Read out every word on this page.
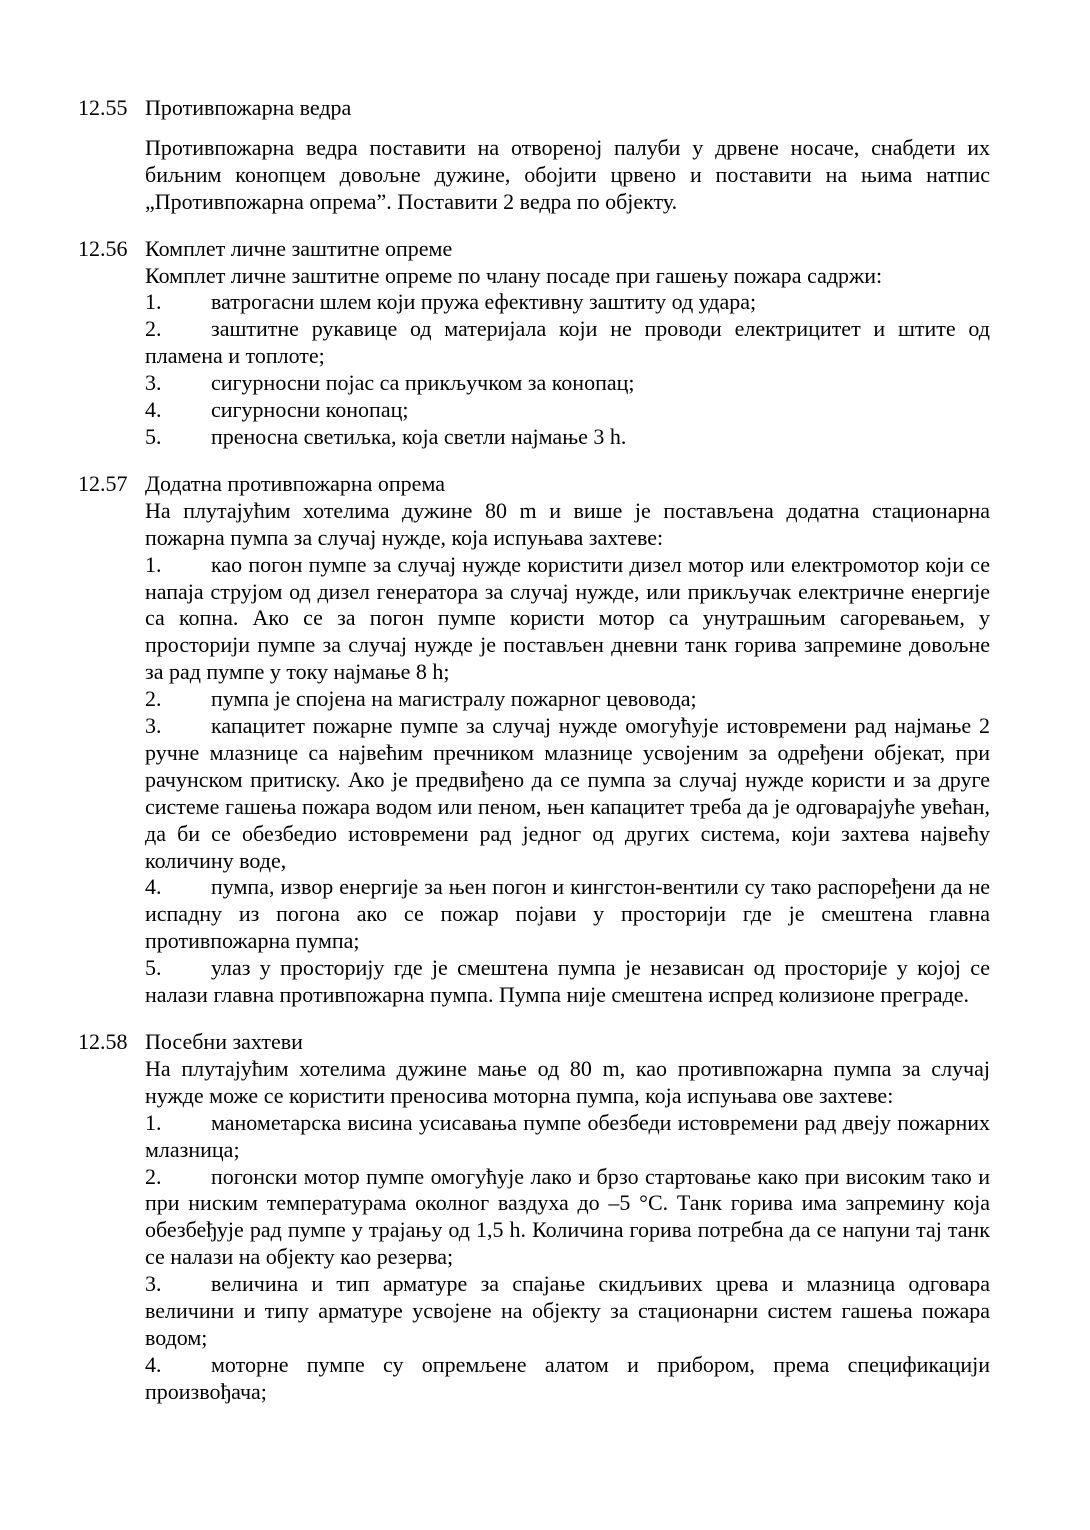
12.55 Противпожарна ведра

Противпожарна ведра поставити на отвореној палуби у дрвене носаче, снабдети их биљним конопцем довољне дужине, обојити црвено и поставити на њима натпис „Противпожарна опрема”. Поставити 2 ведра по објекту.

12.56 Комплет личне заштитне опреме

Комплет личне заштитне опреме по члану посаде при гашењу пожара садржи:

1. ватрогасни шлем који пружа ефективну заштиту од удара;

2. заштитне рукавице од материјала који не проводи електрицитет и штите од пламена и топлоте;

3. сигурносни појас са прикључком за конопац;

4. сигурносни конопац;

5. преносна светиљка, која светли најмање 3 h.

12.57 Додатна противпожарна опрема

На плутајућим хотелима дужине 80 m и више је постављена додатна стационарна пожарна пумпа за случај нужде, која испуњава захтеве:

1. као погон пумпе за случај нужде користити дизел мотор или електромотор који се напаја струјом од дизел генератора за случај нужде, или прикључак електричне енергије са копна. Ако се за погон пумпе користи мотор са унутрашњим сагоревањем, у просторији пумпе за случај нужде је постављен дневни танк горива запремине довољне за рад пумпе у току најмање 8 h;

2. пумпа је спојена на магистралу пожарног цевовода;

3. капацитет пожарне пумпе за случај нужде омогућује истовремени рад најмање 2 ручне млазнице са највећим пречником млазнице усвојеним за одређени објекат, при рачунском притиску. Ако је предвиђено да се пумпа за случај нужде користи и за друге системе гашења пожара водом или пеном, њен капацитет треба да је одговарајуће увећан, да би се обезбедио истовремени рад једног од других система, који захтева највећу количину воде,

4. пумпа, извор енергије за њен погон и кингстон-вентили су тако распоређени да не испадну из погона ако се пожар појави у просторији где је смештена главна противпожарна пумпа;

5. улаз у просторију где је смештена пумпа је независан од просторије у којој се налази главна противпожарна пумпа. Пумпа није смештена испред колизионе преграде.

12.58 Посебни захтеви

На плутајућим хотелима дужине мање од 80 m, као противпожарна пумпа за случај нужде може се користити преносива моторна пумпа, која испуњава ове захтеве:

1. манометарска висина усисавања пумпе обезбеди истовремени рад двеју пожарних млазница;

2. погонски мотор пумпе омогућује лако и брзо стартовање како при високим тако и при ниским температурама околног ваздуха до –5 °C. Танк горива има запремину која обезбеђује рад пумпе у трајању од 1,5 h. Количина горива потребна да се напуни тај танк се налази на објекту као резерва;

3. величина и тип арматуре за спајање скидљивих црева и млазница одговара величини и типу арматуре усвојене на објекту за стационарни систем гашења пожара водом;

4. моторне пумпе су опремљене алатом и прибором, према спецификацији произвођача;
